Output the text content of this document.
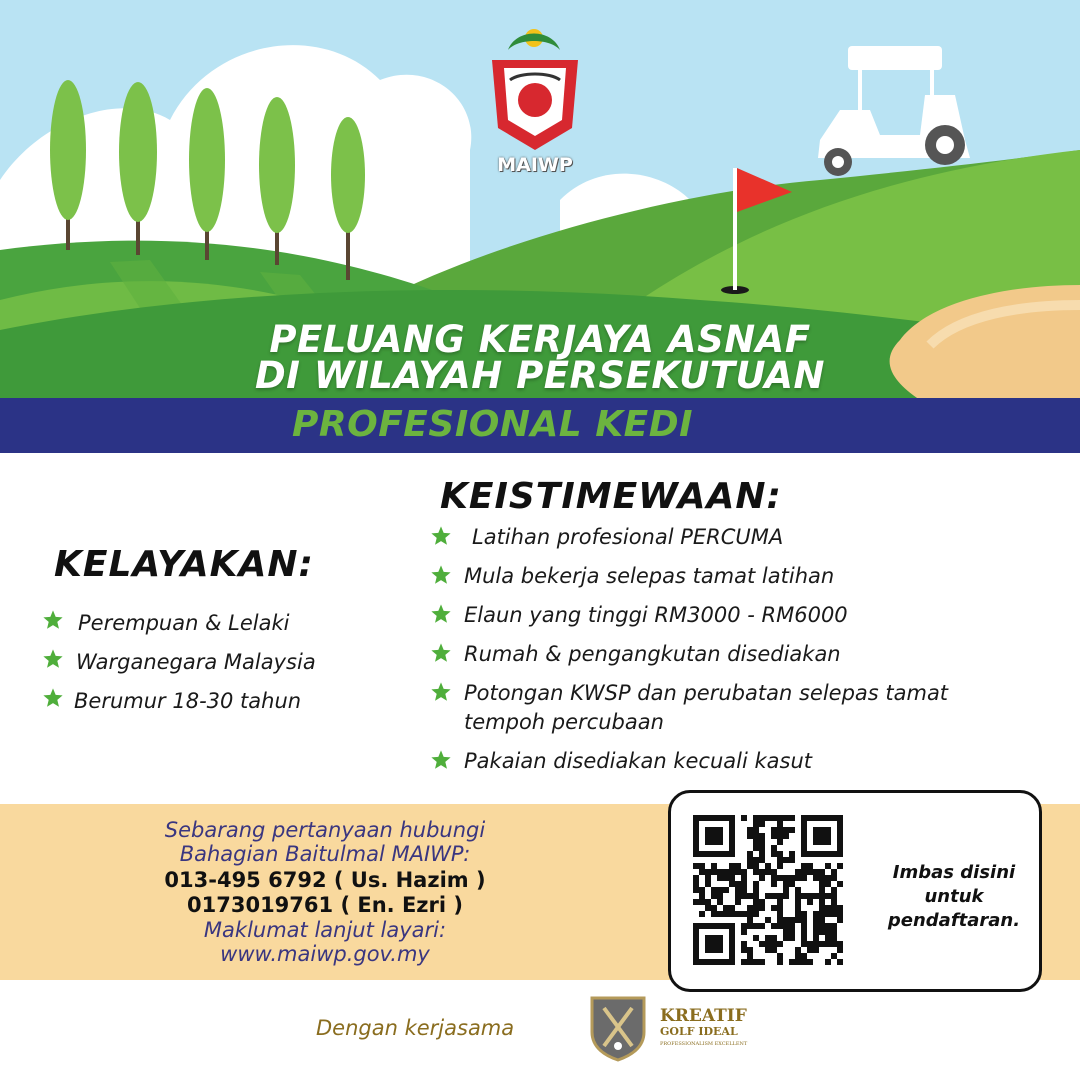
MAIWP
PELUANG KERJAYA ASNAF
DI WILAYAH PERSEKUTUAN
PROFESIONAL KEDI
KEISTIMEWAAN:
Latihan profesional PERCUMA
Mula bekerja selepas tamat latihan
Elaun yang tinggi RM3000 - RM6000
Rumah & pengangkutan disediakan
Potongan KWSP dan perubatan selepas tamat
tempoh percubaan
Pakaian disediakan kecuali kasut
KELAYAKAN:
Perempuan & Lelaki
Warganegara Malaysia
Berumur 18-30 tahun
Sebarang pertanyaan hubungi
Bahagian Baitulmal MAIWP:
013-495 6792 ( Us. Hazim )
0173019761 ( En. Ezri )
Maklumat lanjut layari:
www.maiwp.gov.my
Imbas disini
untuk
pendaftaran.
Dengan kerjasama	KREATIF
GOLF IDEAL
PROFESSIONALISM EXCELLENT
